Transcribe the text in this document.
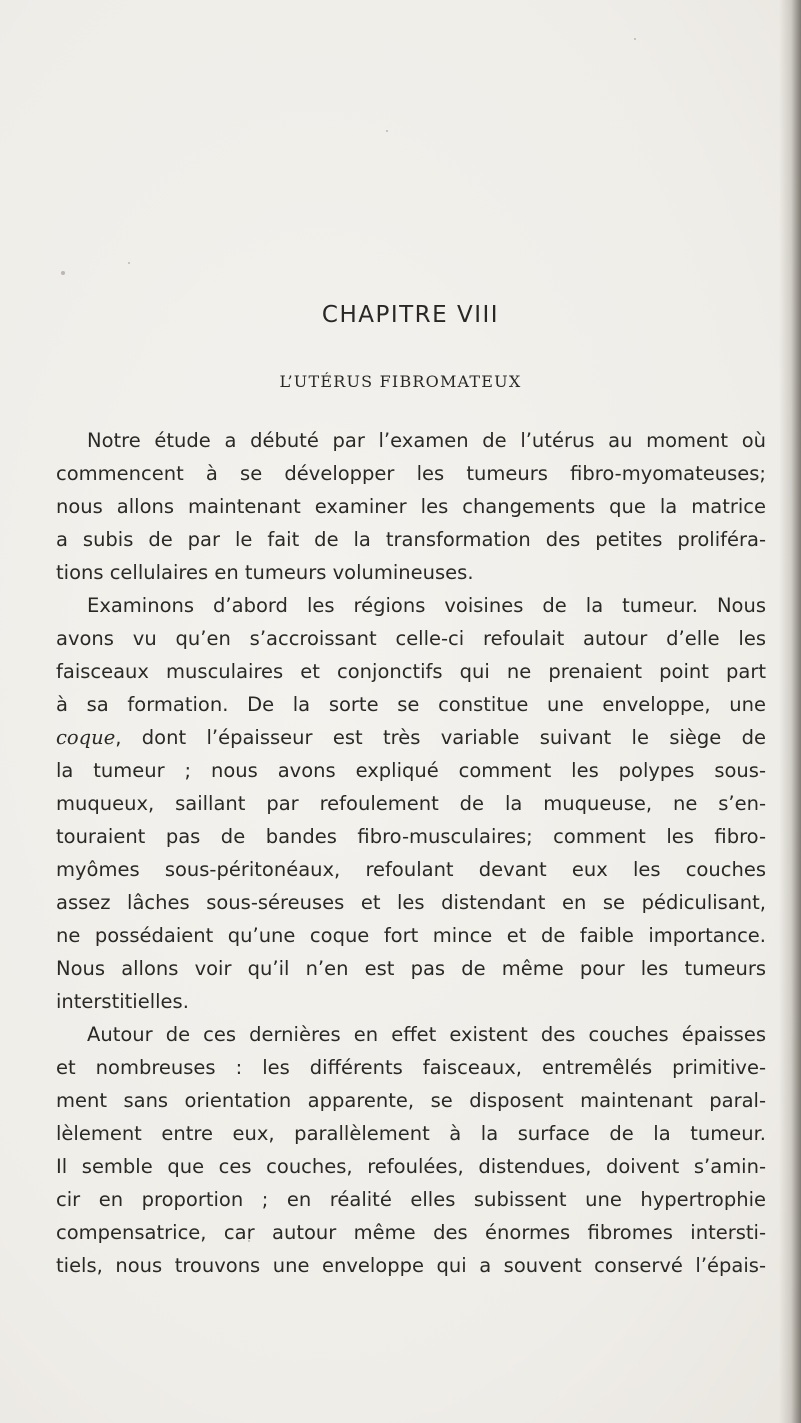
CHAPITRE VIII
L’UTÉRUS FIBROMATEUX
Notre étude a débuté par l’examen de l’utérus au moment où
commencent à se développer les tumeurs fibro-myomateuses;
nous allons maintenant examiner les changements que la matrice
a subis de par le fait de la transformation des petites proliféra-
tions cellulaires en tumeurs volumineuses.
Examinons d’abord les régions voisines de la tumeur. Nous
avons vu qu’en s’accroissant celle-ci refoulait autour d’elle les
faisceaux musculaires et conjonctifs qui ne prenaient point part
à sa formation. De la sorte se constitue une enveloppe, une
coque, dont l’épaisseur est très variable suivant le siège de
la tumeur ; nous avons expliqué comment les polypes sous-
muqueux, saillant par refoulement de la muqueuse, ne s’en-
touraient pas de bandes fibro-musculaires; comment les fibro-
myômes sous-péritonéaux, refoulant devant eux les couches
assez lâches sous-séreuses et les distendant en se pédiculisant,
ne possédaient qu’une coque fort mince et de faible importance.
Nous allons voir qu’il n’en est pas de même pour les tumeurs
interstitielles.
Autour de ces dernières en effet existent des couches épaisses
et nombreuses : les différents faisceaux, entremêlés primitive-
ment sans orientation apparente, se disposent maintenant paral-
lèlement entre eux, parallèlement à la surface de la tumeur.
Il semble que ces couches, refoulées, distendues, doivent s’amin-
cir en proportion ; en réalité elles subissent une hypertrophie
compensatrice, car autour même des énormes fibromes intersti-
tiels, nous trouvons une enveloppe qui a souvent conservé l’épais-
